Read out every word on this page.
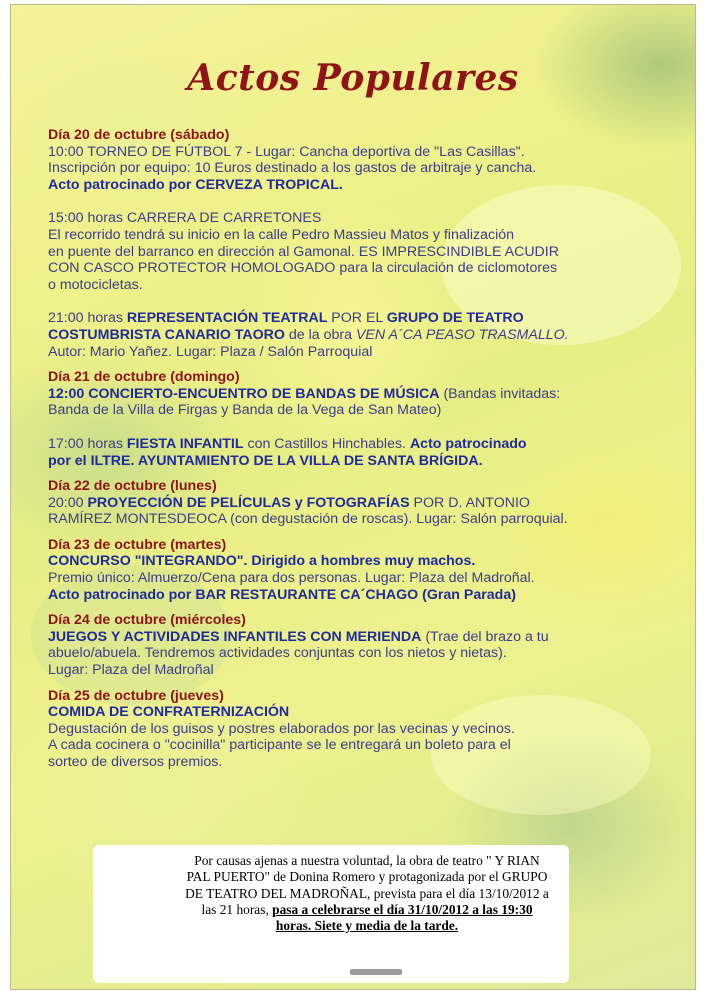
Actos Populares
Día 20 de octubre (sábado)
10:00 TORNEO DE FÚTBOL 7 - Lugar: Cancha deportiva de "Las Casillas".
Inscripción por equipo: 10 Euros destinado a los gastos de arbitraje y cancha.
Acto patrocinado por CERVEZA TROPICAL.
15:00 horas CARRERA DE CARRETONES
El recorrido tendrá su inicio en la calle Pedro Massieu Matos y finalización
en puente del barranco en dirección al Gamonal. ES IMPRESCINDIBLE ACUDIR
CON CASCO PROTECTOR HOMOLOGADO para la circulación de ciclomotores
o motocicletas.
21:00 horas REPRESENTACIÓN TEATRAL POR EL GRUPO DE TEATRO
COSTUMBRISTA CANARIO TAORO de la obra VEN A´CA PEASO TRASMALLO.
Autor: Mario Yañez. Lugar: Plaza / Salón Parroquial
Día 21 de octubre (domingo)
12:00 CONCIERTO-ENCUENTRO DE BANDAS DE MÚSICA (Bandas invitadas:
Banda de la Villa de Firgas y Banda de la Vega de San Mateo)
17:00 horas FIESTA INFANTIL con Castillos Hinchables. Acto patrocinado
por el ILTRE. AYUNTAMIENTO DE LA VILLA DE SANTA BRÍGIDA.
Día 22 de octubre (lunes)
20:00 PROYECCIÓN DE PELÍCULAS y FOTOGRAFÍAS POR D. ANTONIO
RAMÍREZ MONTESDEOCA (con degustación de roscas). Lugar: Salón parroquial.
Día 23 de octubre (martes)
CONCURSO "INTEGRANDO". Dirigido a hombres muy machos.
Premio único: Almuerzo/Cena para dos personas. Lugar: Plaza del Madroñal.
Acto patrocinado por BAR RESTAURANTE CA´CHAGO (Gran Parada)
Día 24 de octubre (miércoles)
JUEGOS Y ACTIVIDADES INFANTILES CON MERIENDA (Trae del brazo a tu
abuelo/abuela. Tendremos actividades conjuntas con los nietos y nietas).
Lugar: Plaza del Madroñal
Día 25 de octubre (jueves)
COMIDA DE CONFRATERNIZACIÓN
Degustación de los guisos y postres elaborados por las vecinas y vecinos.
A cada cocinera o "cocinilla" participante se le entregará un boleto para el
sorteo de diversos premios.
Por causas ajenas a nuestra voluntad, la obra de teatro " Y RIAN PAL PUERTO" de Donina Romero y protagonizada por el GRUPO DE TEATRO DEL MADROÑAL, prevista para el día 13/10/2012 a las 21 horas, pasa a celebrarse el día 31/10/2012 a las 19:30 horas. Siete y media de la tarde.
